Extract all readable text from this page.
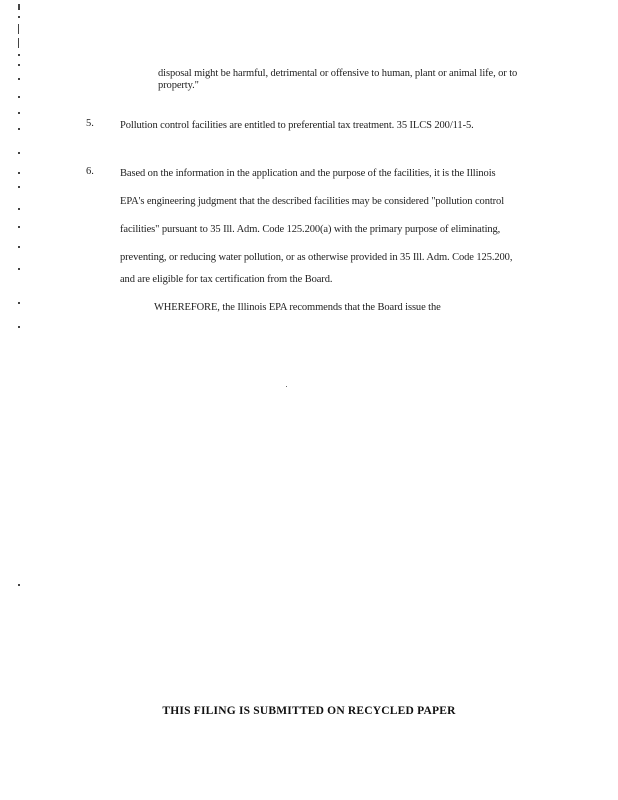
disposal might be harmful, detrimental or offensive to human, plant or animal life, or to
property."
5. Pollution control facilities are entitled to preferential tax treatment. 35 ILCS 200/11-5.
6. Based on the information in the application and the purpose of the facilities, it is the Illinois
EPA's engineering judgment that the described facilities may be considered "pollution control
facilities" pursuant to 35 Ill. Adm. Code 125.200(a) with the primary purpose of eliminating,
preventing, or reducing water pollution, or as otherwise provided in 35 Ill. Adm. Code 125.200,
and are eligible for tax certification from the Board.
WHEREFORE, the Illinois EPA recommends that the Board issue the
THIS FILING IS SUBMITTED ON RECYCLED PAPER
